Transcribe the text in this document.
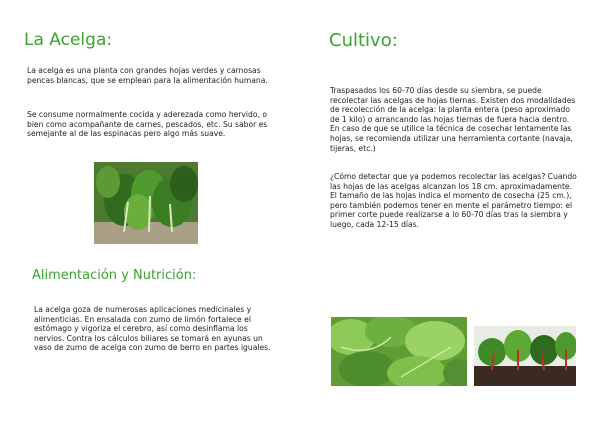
La Acelga:

La acelga es una planta con grandes hojas verdes y carnosas pencas blancas, que se emplean para la alimentación humana.

Se consume normalmente cocida y aderezada como hervido, o bien como acompañante de carnes, pescados, etc. Su sabor es semejante al de las espinacas pero algo más suave.

Alimentación y Nutrición:

La acelga goza de numerosas aplicaciones medicinales y alimenticias. En ensalada con zumo de limón fortalece el estómago y vigoriza el cerebro, así como desinflama los nervios. Contra los cálculos biliares se tomará en ayunas un vaso de zumo de acelga con zumo de berro en partes iguales.

Cultivo:

Traspasados los 60-70 días desde su siembra, se puede recolectar las acelgas de hojas tiernas. Existen dos modalidades de recolección de la acelga: la planta entera (peso aproximado de 1 kilo) o arrancando las hojas tiernas de fuera hacia dentro. En caso de que se utilice la técnica de cosechar lentamente las hojas, se recomienda utilizar una herramienta cortante (navaja, tijeras, etc.)

¿Cómo detectar que ya podemos recolectar las acelgas? Cuando las hojas de las acelgas alcanzan los 18 cm. aproximadamente. El tamaño de las hojas indica el momento de cosecha (25 cm.), pero también podemos tener en mente el parámetro tiempo: el primer corte puede realizarse a lo 60-70 días tras la siembra y luego, cada 12-15 días.
